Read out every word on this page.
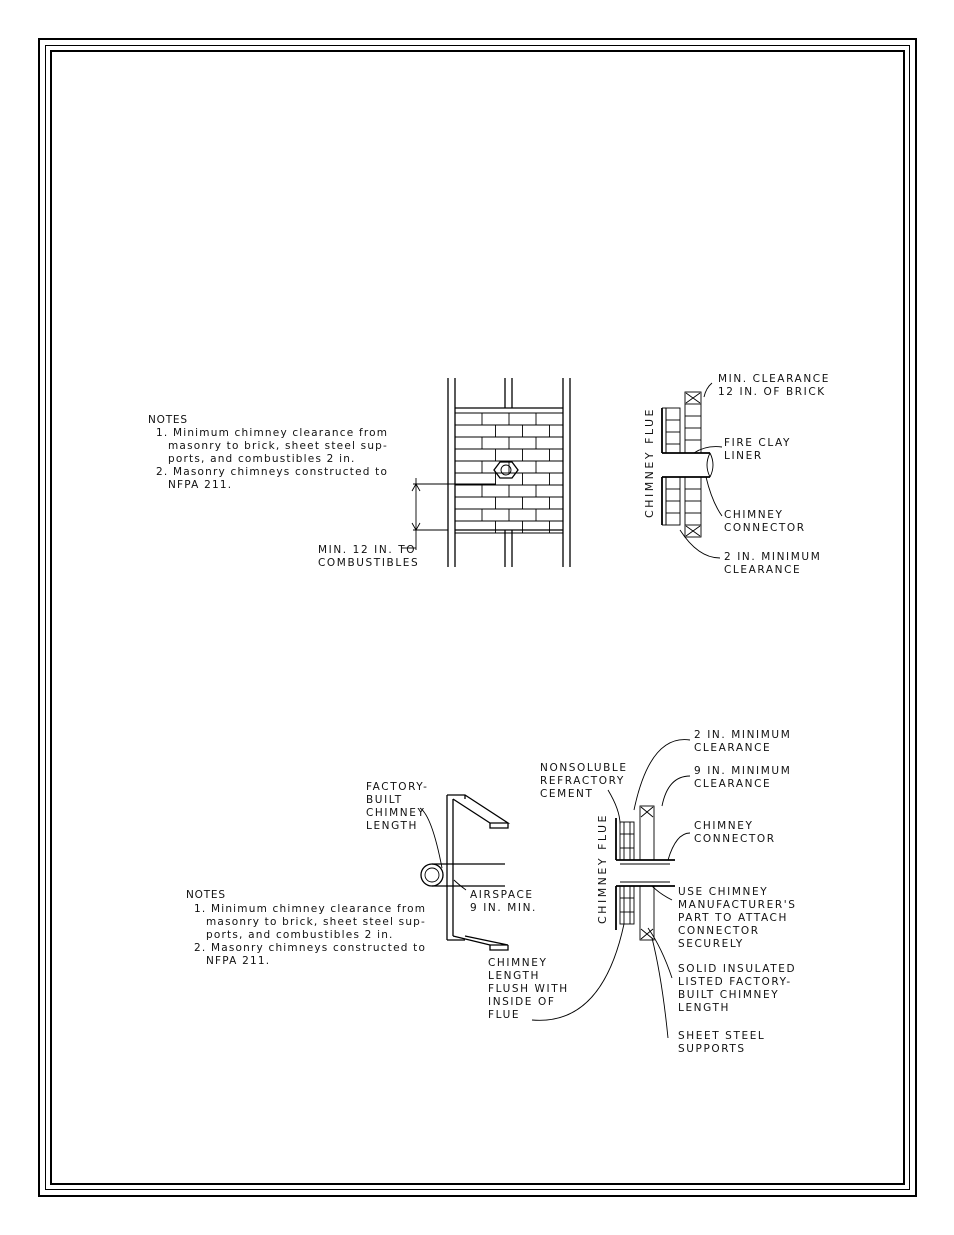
NOTES
1. Minimum chimney clearance from
masonry to brick, sheet steel sup-
ports, and combustibles 2 in.
2. Masonry chimneys constructed to
NFPA 211.
MIN. 12 IN. TO
COMBUSTIBLES
CHIMNEY FLUE
MIN. CLEARANCE
12 IN. OF BRICK
FIRE CLAY
LINER
CHIMNEY
CONNECTOR
2 IN. MINIMUM
CLEARANCE
FACTORY-
BUILT
CHIMNEY
LENGTH
AIRSPACE
9 IN. MIN.
NOTES
1. Minimum chimney clearance from
masonry to brick, sheet steel sup-
ports, and combustibles 2 in.
2. Masonry chimneys constructed to
NFPA 211.
CHIMNEY FLUE
NONSOLUBLE
REFRACTORY
CEMENT
2 IN. MINIMUM
CLEARANCE
9 IN. MINIMUM
CLEARANCE
CHIMNEY
CONNECTOR
USE CHIMNEY
MANUFACTURER'S
PART TO ATTACH
CONNECTOR
SECURELY
SOLID INSULATED
LISTED FACTORY-
BUILT CHIMNEY
LENGTH
CHIMNEY
LENGTH
FLUSH WITH
INSIDE OF
FLUE
SHEET STEEL
SUPPORTS
